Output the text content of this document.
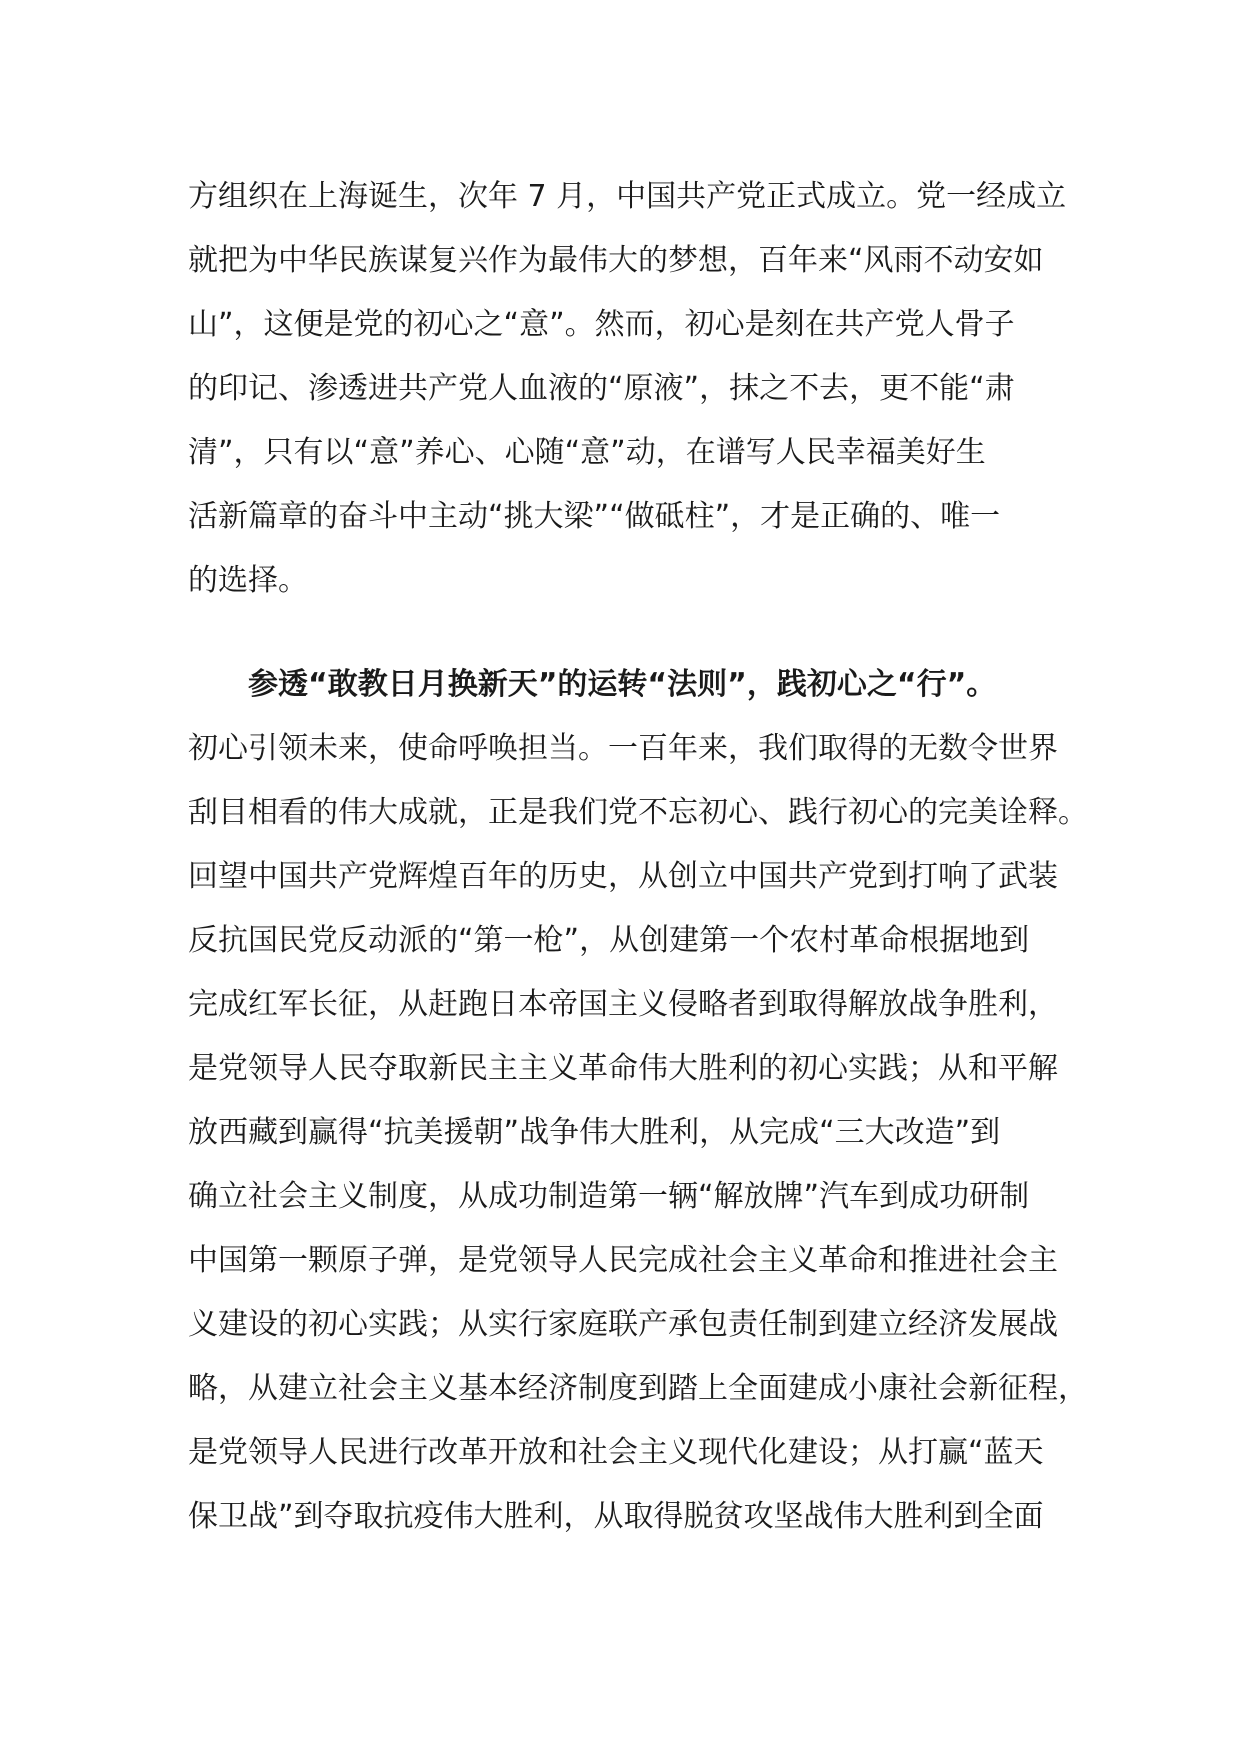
方组织在上海诞生，次年 7 月，中国共产党正式成立。党一经成立
就把为中华民族谋复兴作为最伟大的梦想，百年来“风雨不动安如
山”，这便是党的初心之“意”。然而，初心是刻在共产党人骨子
的印记、渗透进共产党人血液的“原液”，抹之不去，更不能“肃
清”，只有以“意”养心、心随“意”动，在谱写人民幸福美好生
活新篇章的奋斗中主动“挑大梁”“做砥柱”，才是正确的、唯一
的选择。
参透“敢教日月换新天”的运转“法则”，践初心之“行”。
初心引领未来，使命呼唤担当。一百年来，我们取得的无数令世界
刮目相看的伟大成就，正是我们党不忘初心、践行初心的完美诠释。
回望中国共产党辉煌百年的历史，从创立中国共产党到打响了武装
反抗国民党反动派的“第一枪”，从创建第一个农村革命根据地到
完成红军长征，从赶跑日本帝国主义侵略者到取得解放战争胜利，
是党领导人民夺取新民主主义革命伟大胜利的初心实践；从和平解
放西藏到赢得“抗美援朝”战争伟大胜利，从完成“三大改造”到
确立社会主义制度，从成功制造第一辆“解放牌”汽车到成功研制
中国第一颗原子弹，是党领导人民完成社会主义革命和推进社会主
义建设的初心实践；从实行家庭联产承包责任制到建立经济发展战
略，从建立社会主义基本经济制度到踏上全面建成小康社会新征程，
是党领导人民进行改革开放和社会主义现代化建设；从打赢“蓝天
保卫战”到夺取抗疫伟大胜利，从取得脱贫攻坚战伟大胜利到全面
